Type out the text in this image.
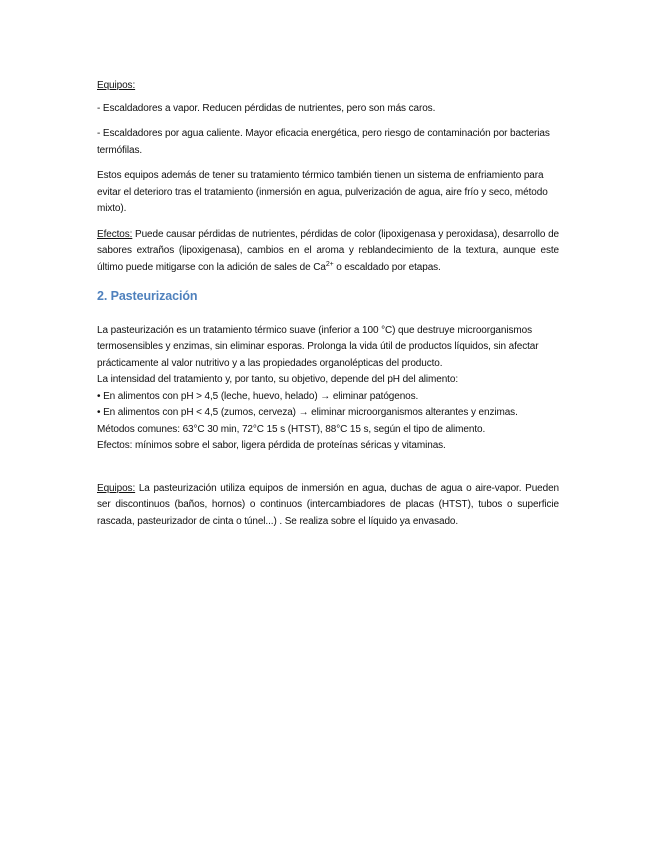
Equipos:

- Escaldadores a vapor. Reducen pérdidas de nutrientes, pero son más caros.

- Escaldadores por agua caliente. Mayor eficacia energética, pero riesgo de contaminación por bacterias termófilas.

Estos equipos además de tener su tratamiento térmico también tienen un sistema de enfriamiento para evitar el deterioro tras el tratamiento (inmersión en agua, pulverización de agua, aire frío y seco, método mixto).

Efectos: Puede causar pérdidas de nutrientes, pérdidas de color (lipoxigenasa y peroxidasa), desarrollo de sabores extraños (lipoxigenasa), cambios en el aroma y reblandecimiento de la textura, aunque este último puede mitigarse con la adición de sales de $Ca^{2+}$ o escaldado por etapas.

2. Pasteurización

La pasteurización es un tratamiento térmico suave (inferior a 100 °C) que destruye microorganismos termosensibles y enzimas, sin eliminar esporas. Prolonga la vida útil de productos líquidos, sin afectar prácticamente al valor nutritivo y a las propiedades organolépticas del producto.

La intensidad del tratamiento y, por tanto, su objetivo, depende del pH del alimento:

• En alimentos con pH > 4,5 (leche, huevo, helado) → eliminar patógenos.

• En alimentos con pH < 4,5 (zumos, cerveza) → eliminar microorganismos alterantes y enzimas.

Métodos comunes: 63°C 30 min, 72°C 15 s (HTST), 88°C 15 s, según el tipo de alimento.

Efectos: mínimos sobre el sabor, ligera pérdida de proteínas séricas y vitaminas.

Equipos: La pasteurización utiliza equipos de inmersión en agua, duchas de agua o aire-vapor. Pueden ser discontinuos (baños, hornos) o continuos (intercambiadores de placas (HTST), tubos o superficie rascada, pasteurizador de cinta o túnel...) . Se realiza sobre el líquido ya envasado.
